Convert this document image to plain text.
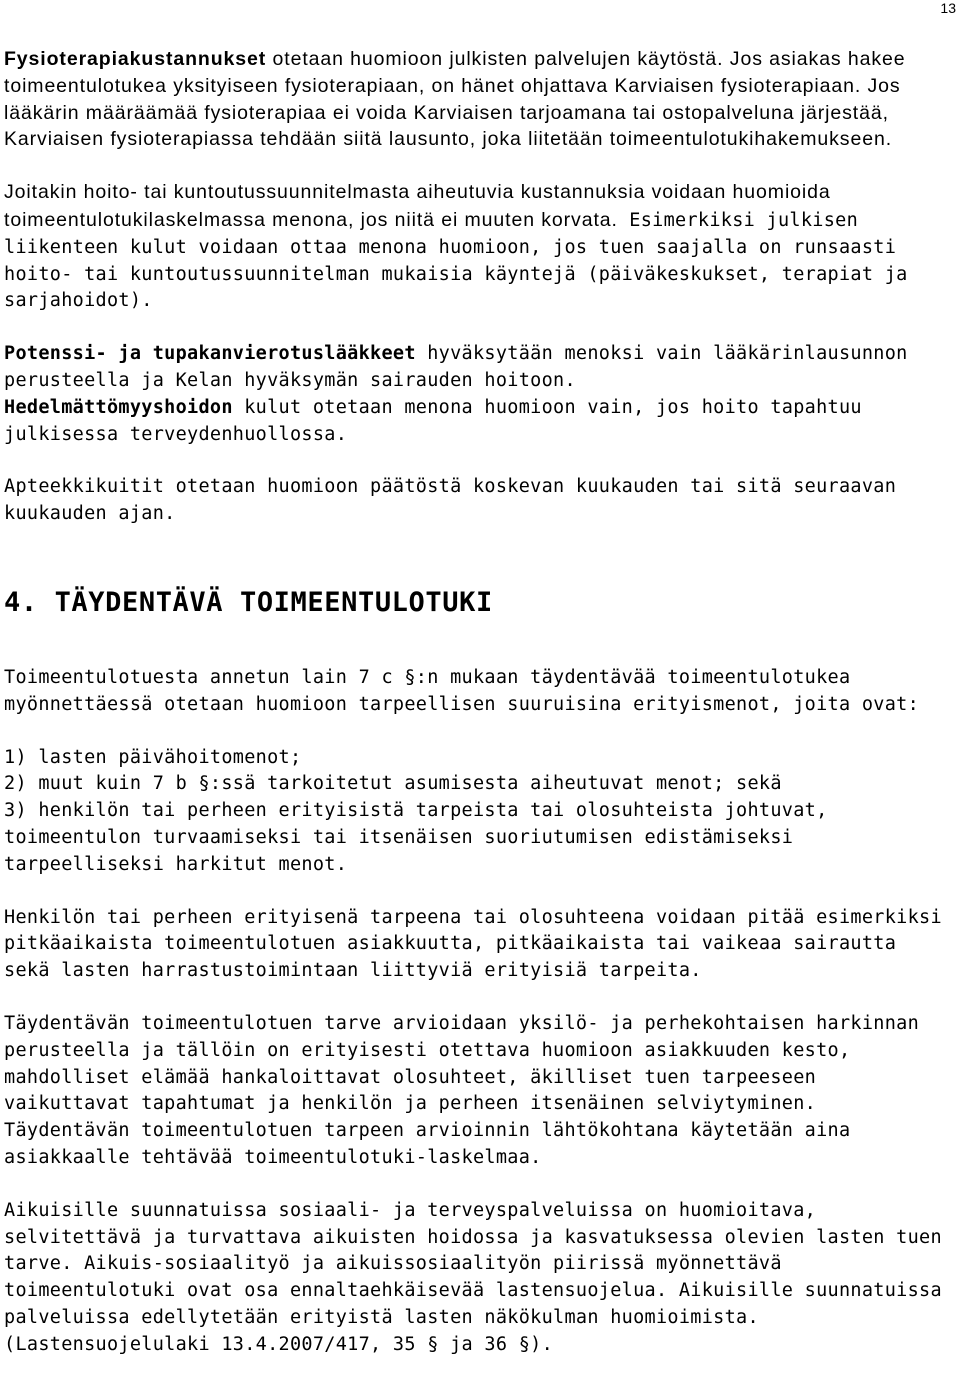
13

Fysioterapiakustannukset otetaan huomioon julkisten palvelujen käytöstä. Jos asiakas hakee toimeentulotukea yksityiseen fysioterapiaan, on hänet ohjattava Karviaisen fysioterapiaan. Jos lääkärin määräämää fysioterapiaa ei voida Karviaisen tarjoamana tai ostopalveluna järjestää, Karviaisen fysioterapiassa tehdään siitä lausunto, joka liitetään toimeentulotukihakemukseen.

Joitakin hoito- tai kuntoutussuunnitelmasta aiheutuvia kustannuksia voidaan huomioida toimeentulotukilaskelmassa menona, jos niitä ei muuten korvata. Esimerkiksi julkisen liikenteen kulut voidaan ottaa menona huomioon, jos tuen saajalla on runsaasti hoito- tai kuntoutussuunnitelman mukaisia käyntejä (päiväkeskukset, terapiat ja sarjahoidot).

Potenssi- ja tupakanvierotuslääkkeet hyväksytään menoksi vain lääkärinlausunnon perusteella ja Kelan hyväksymän sairauden hoitoon.

Hedelmättömyyshoidon kulut otetaan menona huomioon vain, jos hoito tapahtuu julkisessa terveydenhuollossa.

Apteekkikuitit otetaan huomioon päätöstä koskevan kuukauden tai sitä seuraavan kuukauden ajan.

4. TÄYDENTÄVÄ TOIMEENTULOTUKI

Toimeentulotuesta annetun lain 7 c §:n mukaan täydentävää toimeentulotukea myönnettäessä otetaan huomioon tarpeellisen suuruisina erityismenot, joita ovat:

1) lasten päivähoitomenot;
2) muut kuin 7 b §:ssä tarkoitetut asumisesta aiheutuvat menot; sekä
3) henkilön tai perheen erityisistä tarpeista tai olosuhteista johtuvat, toimeentulon turvaamiseksi tai itsenäisen suoriutumisen edistämiseksi tarpeelliseksi harkitut menot.

Henkilön tai perheen erityisenä tarpeena tai olosuhteena voidaan pitää esimerkiksi pitkäaikaista toimeentulotuen asiakkuutta, pitkäaikaista tai vaikeaa sairautta sekä lasten harrastustoimintaan liittyviä erityisiä tarpeita.

Täydentävän toimeentulotuen tarve arvioidaan yksilö- ja perhekohtaisen harkinnan perusteella ja tällöin on erityisesti otettava huomioon asiakkuuden kesto, mahdolliset elämää hankaloittavat olosuhteet, äkilliset tuen tarpeeseen vaikuttavat tapahtumat ja henkilön ja perheen itsenäinen selviytyminen. Täydentävän toimeentulotuen tarpeen arvioinnin lähtökohtana käytetään aina asiakkaalle tehtävää toimeentulotuki-laskelmaa.

Aikuisille suunnatuissa sosiaali- ja terveyspalveluissa on huomioitava, selvitettävä ja turvattava aikuisten hoidossa ja kasvatuksessa olevien lasten tuen tarve. Aikuis-sosiaalityö ja aikuissosiaalityön piirissä myönnettävä toimeentulotuki ovat osa ennaltaehkäisevää lastensuojelua. Aikuisille suunnatuissa palveluissa edellytetään erityistä lasten näkökulman huomioimista. (Lastensuojelulaki 13.4.2007/417, 35 § ja 36 §).
